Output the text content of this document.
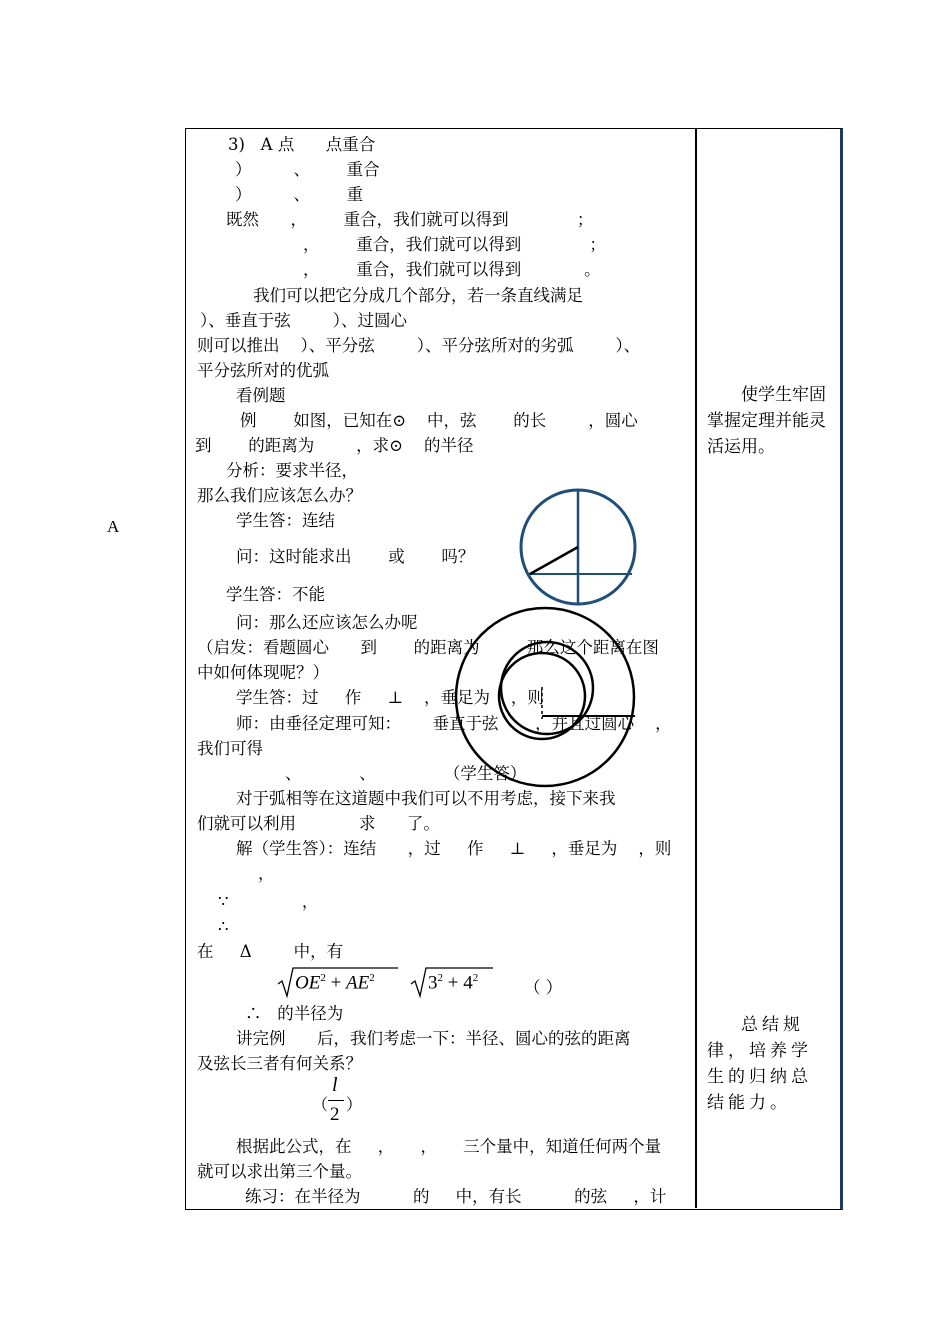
A
3)   A 点      点重合
）        、       重合
）        、       重
既然      ，       重合，我们就可以得到             ；
，       重合，我们就可以得到             ；
，       重合，我们就可以得到            。
我们可以把它分成几个部分，若一条直线满足
）、垂直于弦        ）、过圆心
则可以推出    ）、平分弦        ）、平分弦所对的劣弧        ）、
平分弦所对的优弧
看例题
例       如图，已知在⊙    中，弦       的长        ，圆心
到       的距离为        ，求⊙    的半径
分析：要求半径，
那么我们应该怎么办？
学生答：连结
问：这时能求出       或       吗？
学生答：不能
问：那么还应该怎么办呢
（启发：看题圆心      到       的距离为         那么这个距离在图
中如何体现呢？）
学生答：过     作     ⊥    ，垂足为    ，则
师：由垂径定理可知：      垂直于弦       ，并且过圆心    ，
我们可得
、           、             （学生答）
对于弧相等在这道题中我们可以不用考虑，接下来我
们就可以利用            求      了。
解（学生答）：连结      ，过     作     ⊥     ，垂足为    ，则
，
∵              ，
∴
在     Δ        中，有
$OE^2 + AE^2$	$3^2 + 4^2$	（ ）
∴   的半径为
讲完例      后，我们考虑一下：半径、圆心的弦的距离
及弦长三者有何关系？
（
l
2 ）
根据此公式，在     ，     ，     三个量中，知道任何两个量
就可以求出第三个量。
练习：在半径为          的     中，有长          的弦     ，计
使学生牢固掌握定理并能灵活运用。
总结规律，培养学生的归纳总结能力。
